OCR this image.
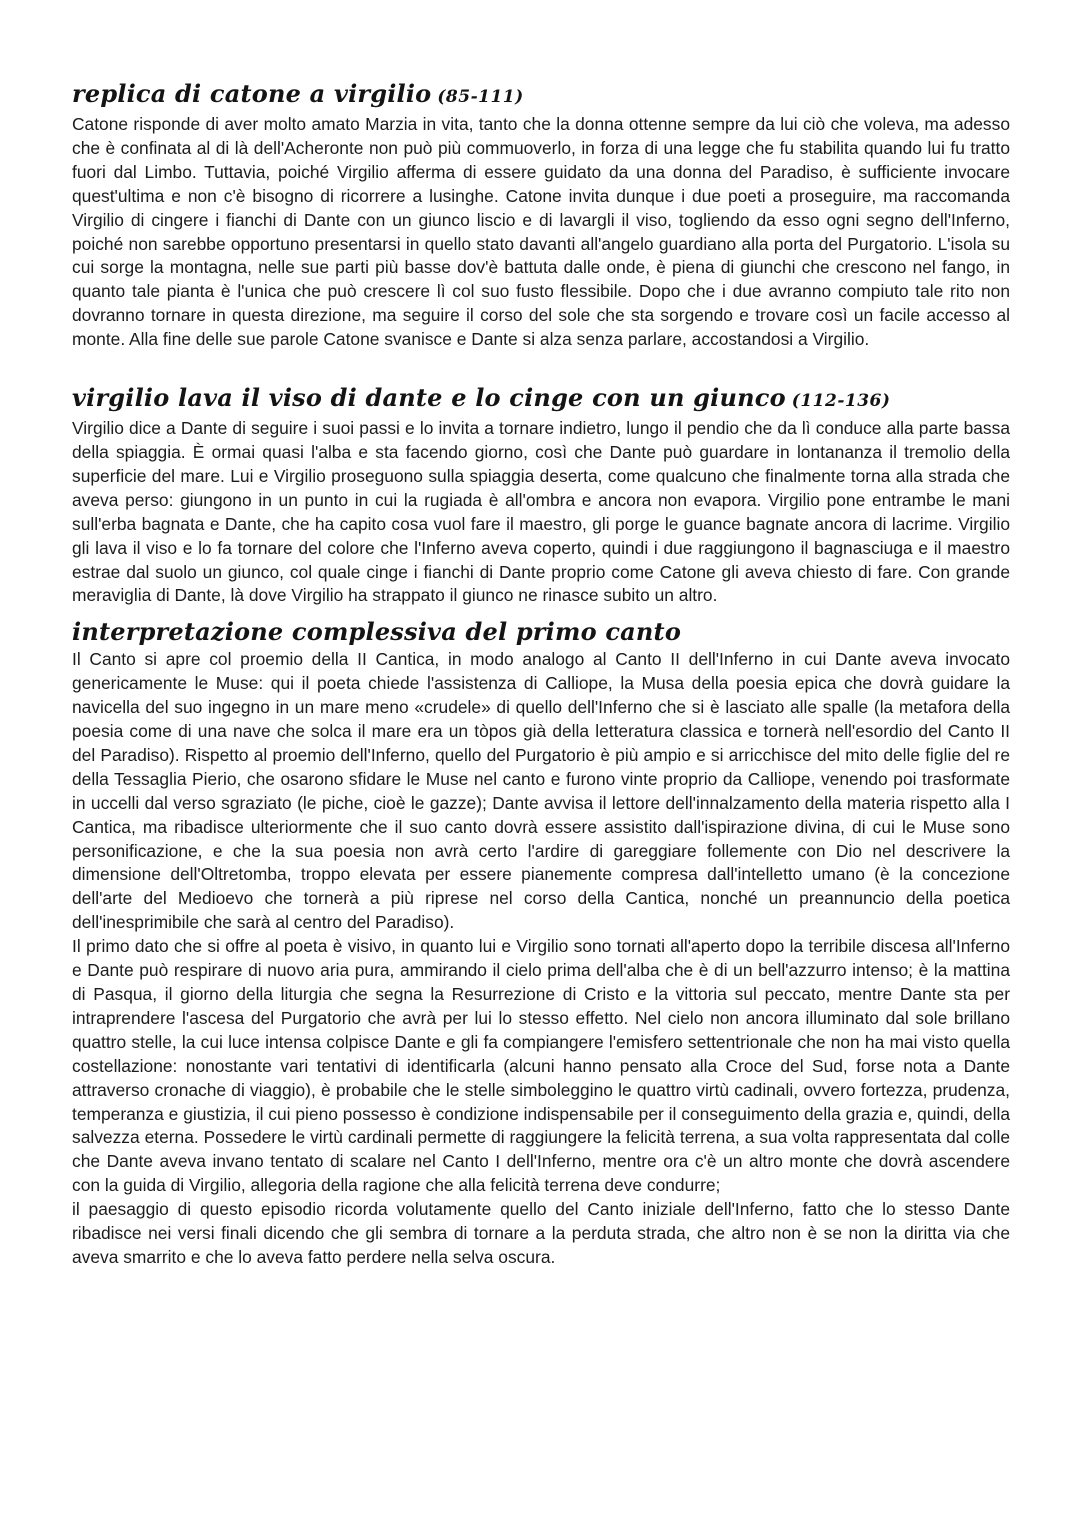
replica di catone a virgilio (85-111)

Catone risponde di aver molto amato Marzia in vita, tanto che la donna ottenne sempre da lui ciò che voleva, ma adesso che è confinata al di là dell'Acheronte non può più commuoverlo, in forza di una legge che fu stabilita quando lui fu tratto fuori dal Limbo. Tuttavia, poiché Virgilio afferma di essere guidato da una donna del Paradiso, è sufficiente invocare quest'ultima e non c'è bisogno di ricorrere a lusinghe. Catone invita dunque i due poeti a proseguire, ma raccomanda Virgilio di cingere i fianchi di Dante con un giunco liscio e di lavargli il viso, togliendo da esso ogni segno dell'Inferno, poiché non sarebbe opportuno presentarsi in quello stato davanti all'angelo guardiano alla porta del Purgatorio. L'isola su cui sorge la montagna, nelle sue parti più basse dov'è battuta dalle onde, è piena di giunchi che crescono nel fango, in quanto tale pianta è l'unica che può crescere lì col suo fusto flessibile. Dopo che i due avranno compiuto tale rito non dovranno tornare in questa direzione, ma seguire il corso del sole che sta sorgendo e trovare così un facile accesso al monte. Alla fine delle sue parole Catone svanisce e Dante si alza senza parlare, accostandosi a Virgilio.

virgilio lava il viso di dante e lo cinge con un giunco (112-136)

Virgilio dice a Dante di seguire i suoi passi e lo invita a tornare indietro, lungo il pendio che da lì conduce alla parte bassa della spiaggia. È ormai quasi l'alba e sta facendo giorno, così che Dante può guardare in lontananza il tremolio della superficie del mare. Lui e Virgilio proseguono sulla spiaggia deserta, come qualcuno che finalmente torna alla strada che aveva perso: giungono in un punto in cui la rugiada è all'ombra e ancora non evapora. Virgilio pone entrambe le mani sull'erba bagnata e Dante, che ha capito cosa vuol fare il maestro, gli porge le guance bagnate ancora di lacrime. Virgilio gli lava il viso e lo fa tornare del colore che l'Inferno aveva coperto, quindi i due raggiungono il bagnasciuga e il maestro estrae dal suolo un giunco, col quale cinge i fianchi di Dante proprio come Catone gli aveva chiesto di fare. Con grande meraviglia di Dante, là dove Virgilio ha strappato il giunco ne rinasce subito un altro.

interpretazione complessiva del primo canto

Il Canto si apre col proemio della II Cantica, in modo analogo al Canto II dell'Inferno in cui Dante aveva invocato genericamente le Muse: qui il poeta chiede l'assistenza di Calliope, la Musa della poesia epica che dovrà guidare la navicella del suo ingegno in un mare meno «crudele» di quello dell'Inferno che si è lasciato alle spalle (la metafora della poesia come di una nave che solca il mare era un tòpos già della letteratura classica e tornerà nell'esordio del Canto II del Paradiso). Rispetto al proemio dell'Inferno, quello del Purgatorio è più ampio e si arricchisce del mito delle figlie del re della Tessaglia Pierio, che osarono sfidare le Muse nel canto e furono vinte proprio da Calliope, venendo poi trasformate in uccelli dal verso sgraziato (le piche, cioè le gazze); Dante avvisa il lettore dell'innalzamento della materia rispetto alla I Cantica, ma ribadisce ulteriormente che il suo canto dovrà essere assistito dall'ispirazione divina, di cui le Muse sono personificazione, e che la sua poesia non avrà certo l'ardire di gareggiare follemente con Dio nel descrivere la dimensione dell'Oltretomba, troppo elevata per essere pianemente compresa dall'intelletto umano (è la concezione dell'arte del Medioevo che tornerà a più riprese nel corso della Cantica, nonché un preannuncio della poetica dell'inesprimibile che sarà al centro del Paradiso).

Il primo dato che si offre al poeta è visivo, in quanto lui e Virgilio sono tornati all'aperto dopo la terribile discesa all'Inferno e Dante può respirare di nuovo aria pura, ammirando il cielo prima dell'alba che è di un bell'azzurro intenso; è la mattina di Pasqua, il giorno della liturgia che segna la Resurrezione di Cristo e la vittoria sul peccato, mentre Dante sta per intraprendere l'ascesa del Purgatorio che avrà per lui lo stesso effetto. Nel cielo non ancora illuminato dal sole brillano quattro stelle, la cui luce intensa colpisce Dante e gli fa compiangere l'emisfero settentrionale che non ha mai visto quella costellazione: nonostante vari tentativi di identificarla (alcuni hanno pensato alla Croce del Sud, forse nota a Dante attraverso cronache di viaggio), è probabile che le stelle simboleggino le quattro virtù cadinali, ovvero fortezza, prudenza, temperanza e giustizia, il cui pieno possesso è condizione indispensabile per il conseguimento della grazia e, quindi, della salvezza eterna. Possedere le virtù cardinali permette di raggiungere la felicità terrena, a sua volta rappresentata dal colle che Dante aveva invano tentato di scalare nel Canto I dell'Inferno, mentre ora c'è un altro monte che dovrà ascendere con la guida di Virgilio, allegoria della ragione che alla felicità terrena deve condurre;

il paesaggio di questo episodio ricorda volutamente quello del Canto iniziale dell'Inferno, fatto che lo stesso Dante ribadisce nei versi finali dicendo che gli sembra di tornare a la perduta strada, che altro non è se non la diritta via che aveva smarrito e che lo aveva fatto perdere nella selva oscura.
